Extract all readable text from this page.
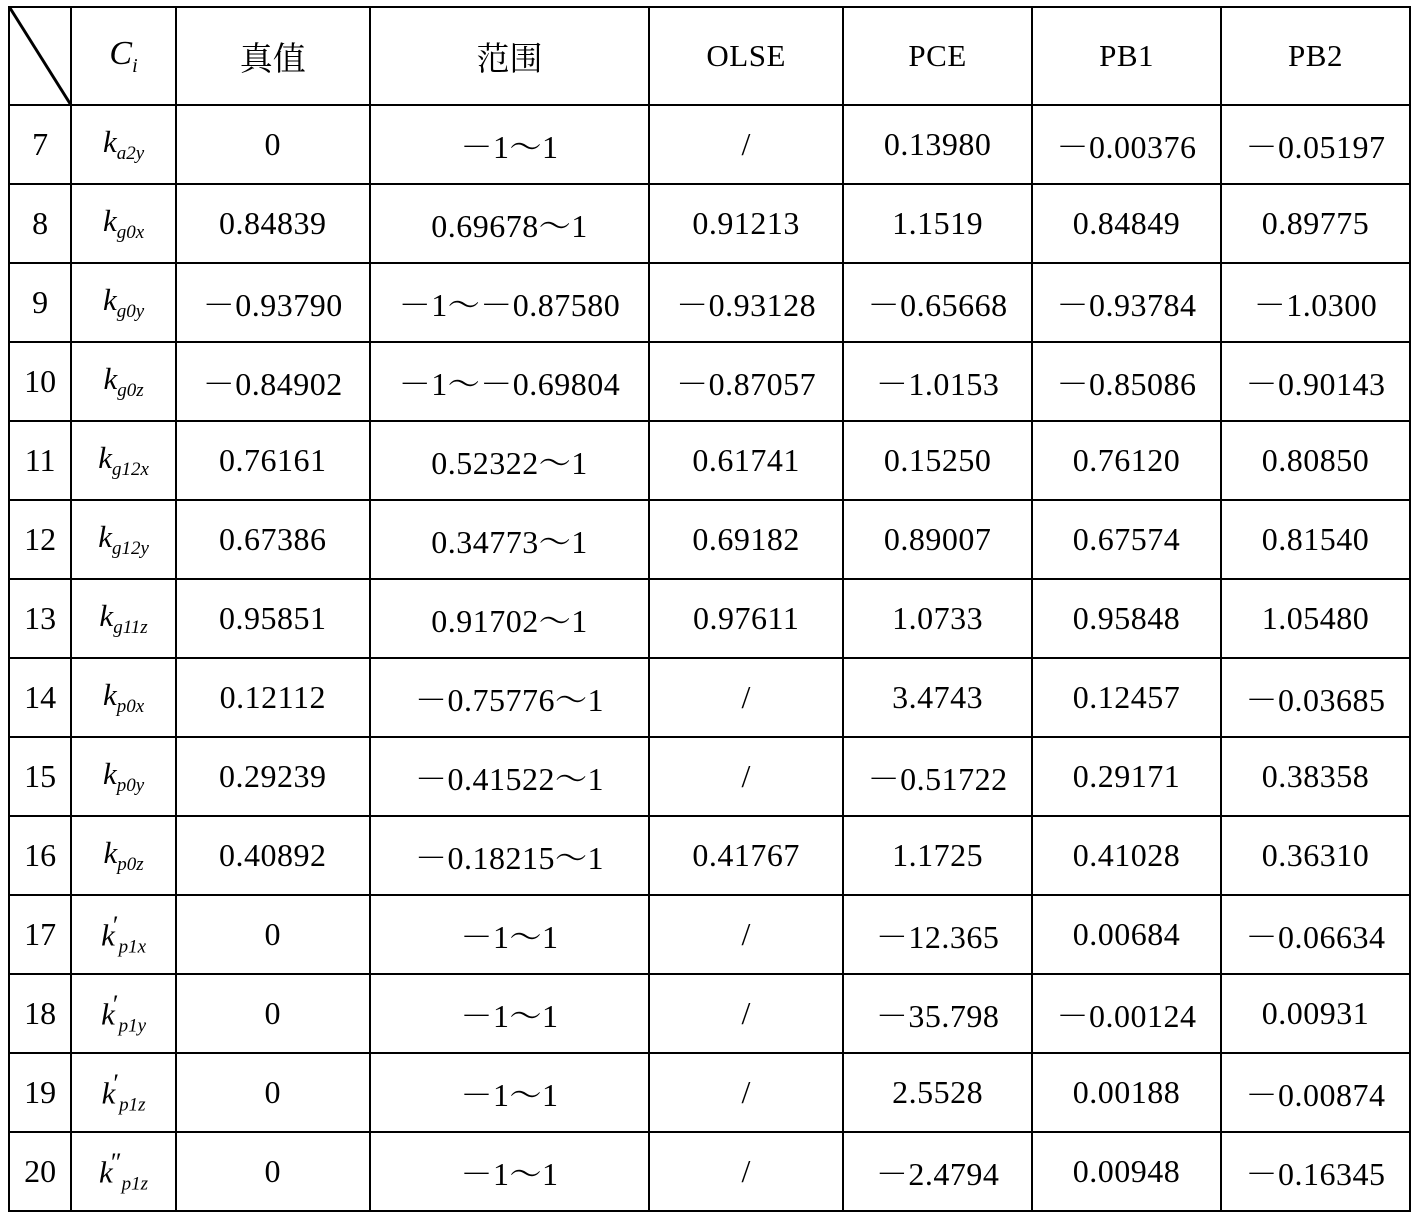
	$C_i$	真值	范围	OLSE	PCE	PB1	PB2
7	$k_{a2y}$	0	－1～1	/	0.13980	－0.00376	－0.05197
8	$k_{g0x}$	0.84839	0.69678～1	0.91213	1.1519	0.84849	0.89775
9	$k_{g0y}$	－0.93790	－1～－0.87580	－0.93128	－0.65668	－0.93784	－1.0300
10	$k_{g0z}$	－0.84902	－1～－0.69804	－0.87057	－1.0153	－0.85086	－0.90143
11	$k_{g12x}$	0.76161	0.52322～1	0.61741	0.15250	0.76120	0.80850
12	$k_{g12y}$	0.67386	0.34773～1	0.69182	0.89007	0.67574	0.81540
13	$k_{g11z}$	0.95851	0.91702～1	0.97611	1.0733	0.95848	1.05480
14	$k_{p0x}$	0.12112	－0.75776～1	/	3.4743	0.12457	－0.03685
15	$k_{p0y}$	0.29239	－0.41522～1	/	－0.51722	0.29171	0.38358
16	$k_{p0z}$	0.40892	－0.18215～1	0.41767	1.1725	0.41028	0.36310
17	$k'_{p1x}$	0	－1～1	/	－12.365	0.00684	－0.06634
18	$k'_{p1y}$	0	－1～1	/	－35.798	－0.00124	0.00931
19	$k'_{p1z}$	0	－1～1	/	2.5528	0.00188	－0.00874
20	$k''_{p1z}$	0	－1～1	/	－2.4794	0.00948	－0.16345
